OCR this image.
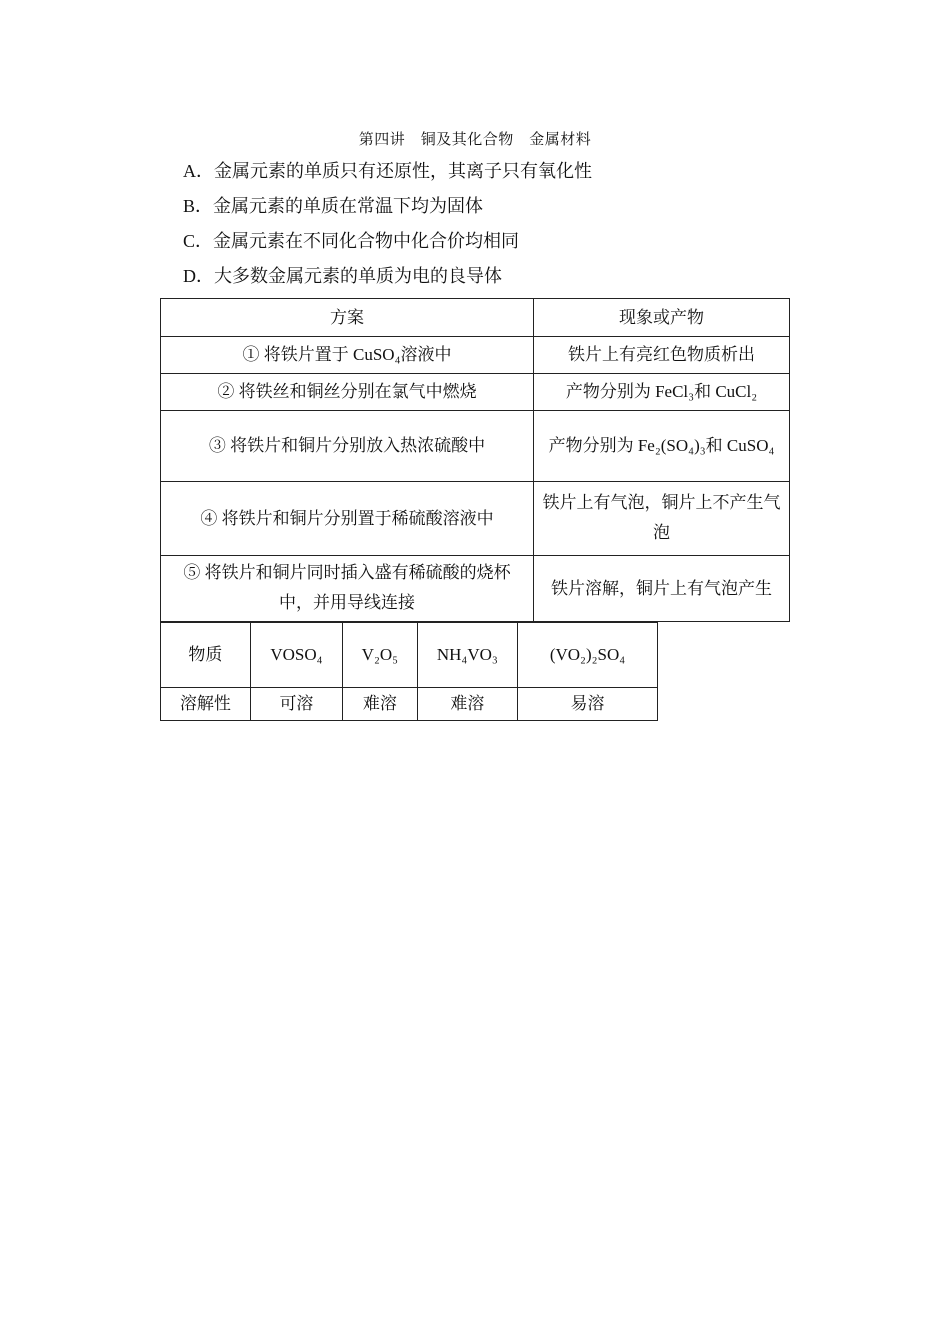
第四讲　铜及其化合物　金属材料
A．金属元素的单质只有还原性，其离子只有氧化性
B．金属元素的单质在常温下均为固体
C．金属元素在不同化合物中化合价均相同
D．大多数金属元素的单质为电的良导体
方案	现象或产物
① 将铁片置于 CuSO₄溶液中	铁片上有亮红色物质析出
② 将铁丝和铜丝分别在氯气中燃烧	产物分别为 FeCl₃和 CuCl₂
③ 将铁片和铜片分别放入热浓硫酸中	产物分别为 Fe₂(SO₄)₃和 CuSO₄
④ 将铁片和铜片分别置于稀硫酸溶液中	铁片上有气泡，铜片上不产生气泡
⑤ 将铁片和铜片同时插入盛有稀硫酸的烧杯中，并用导线连接	铁片溶解，铜片上有气泡产生
物质	VOSO₄	V₂O₅	NH₄VO₃	(VO₂)₂SO₄
溶解性	可溶	难溶	难溶	易溶
